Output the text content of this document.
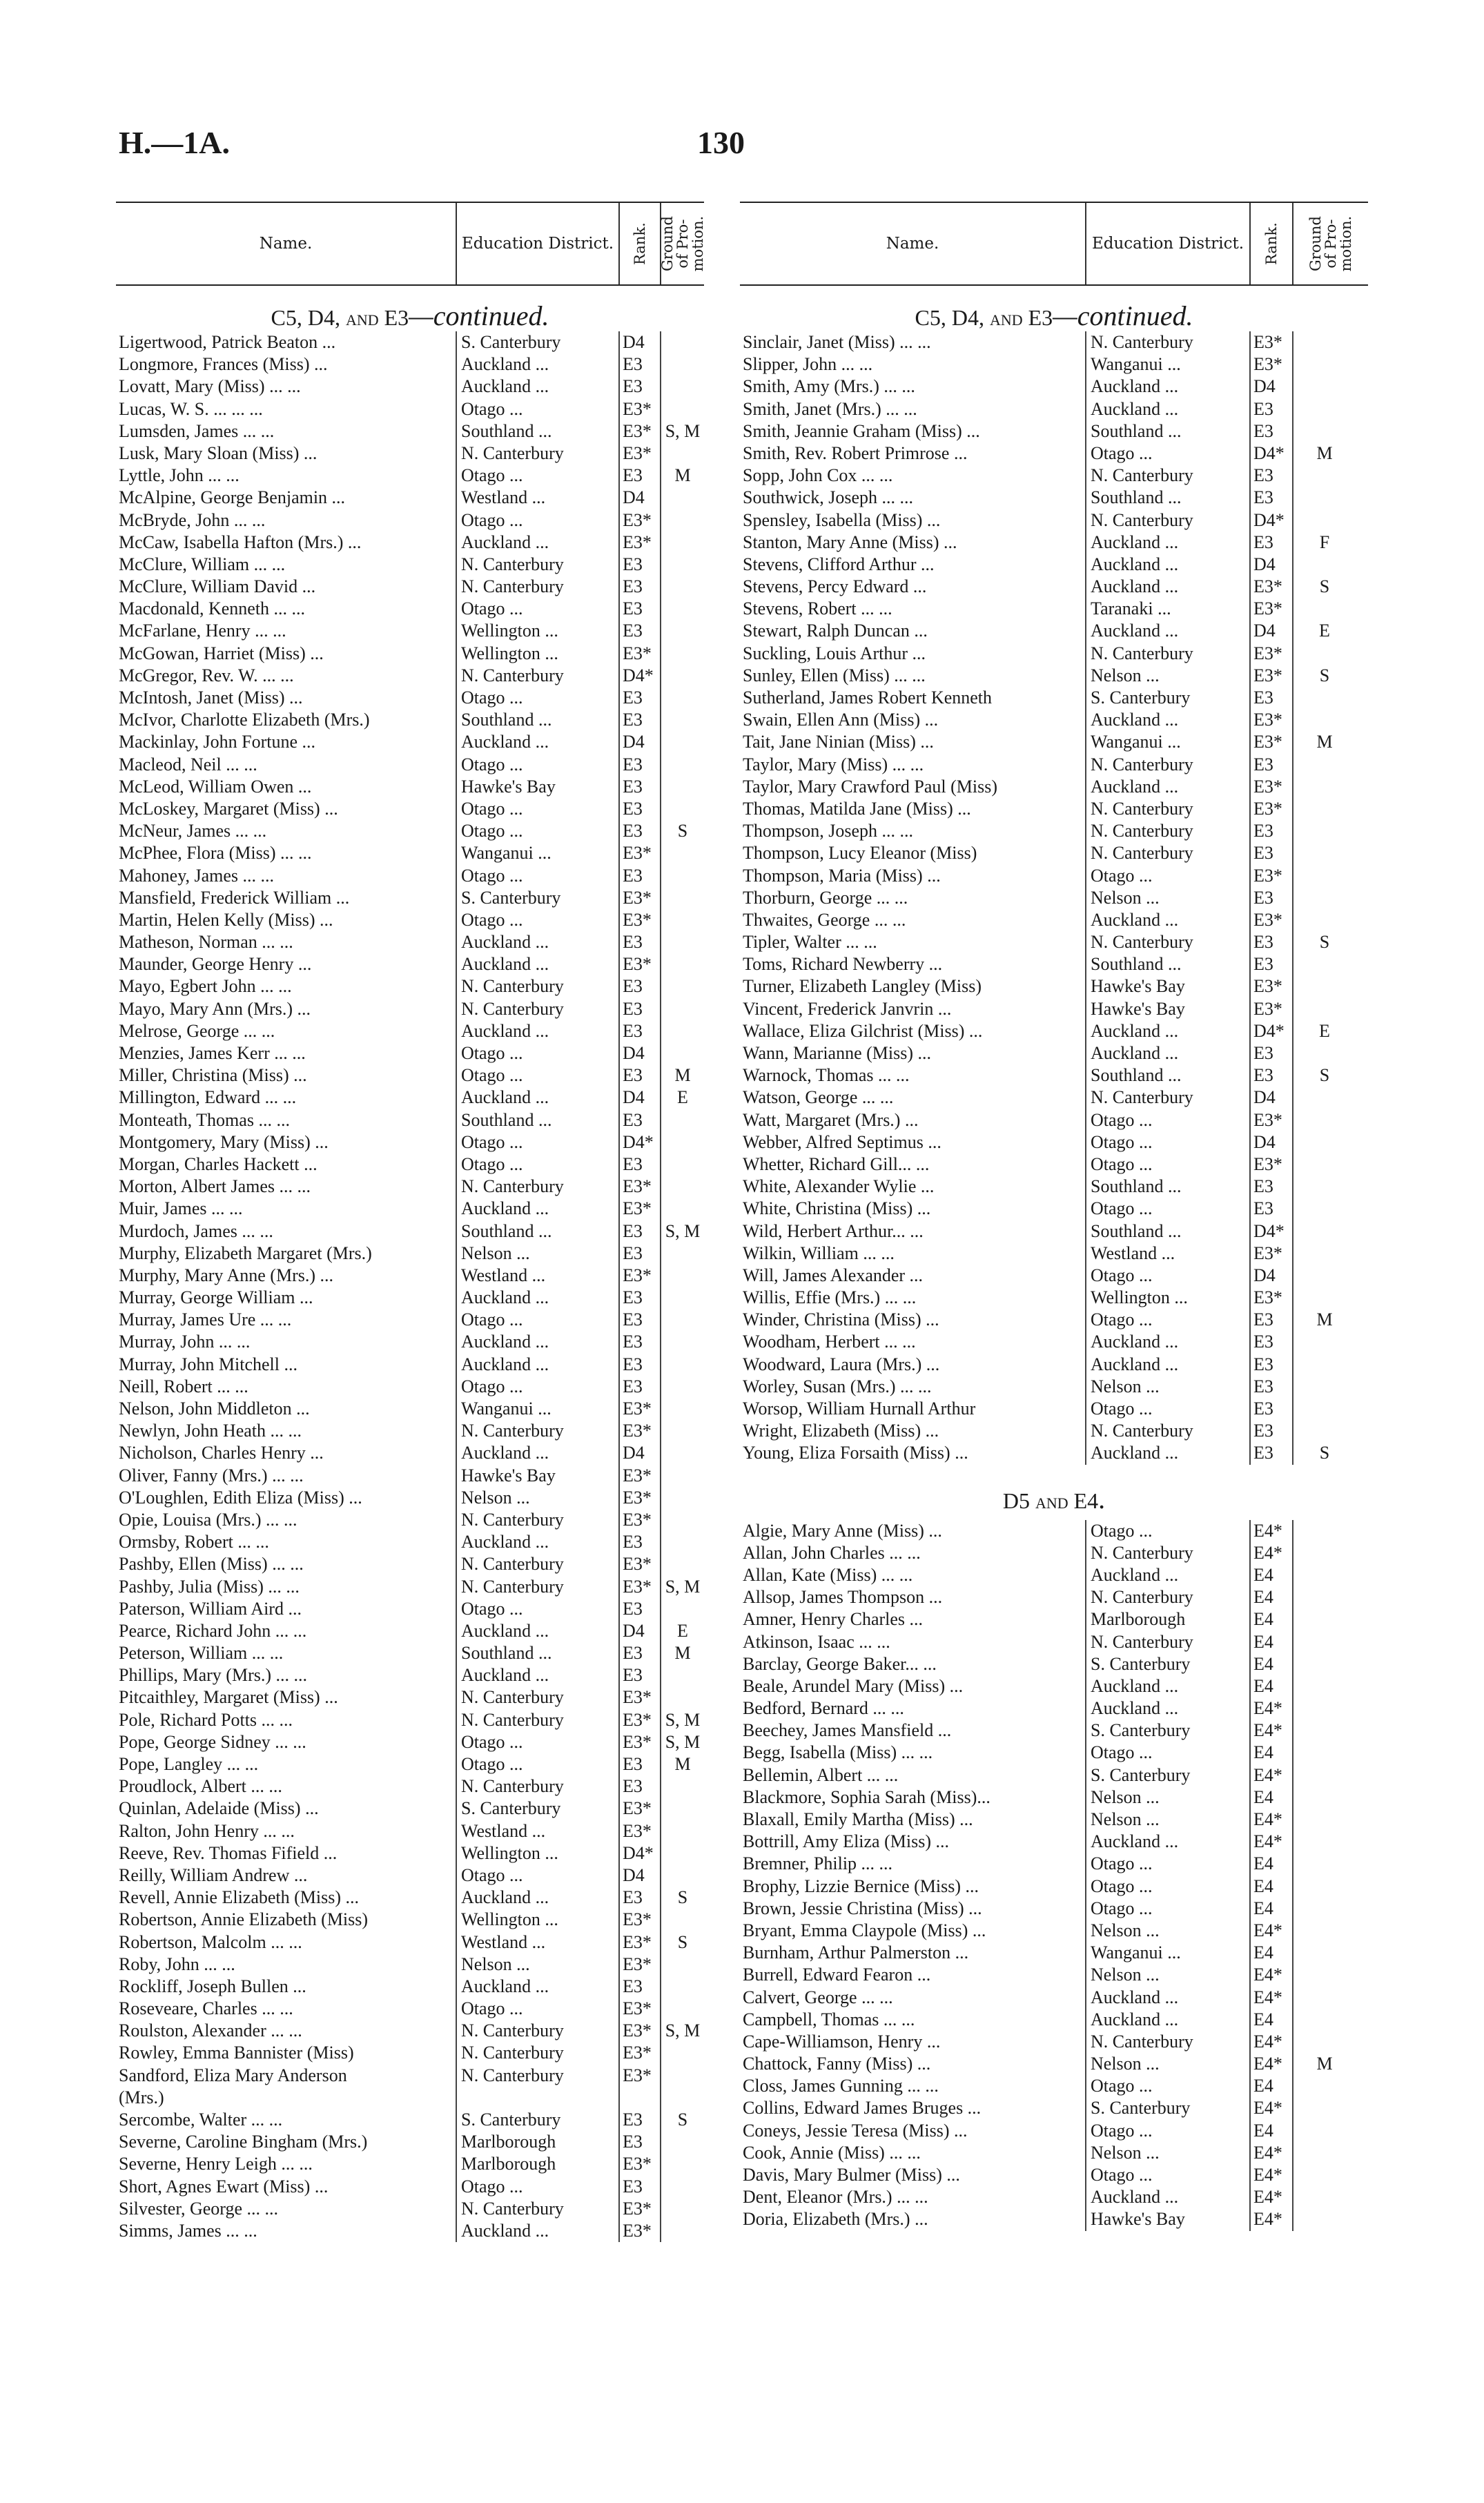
H.—1A.	130
Name.	Education District.	Rank. Ground of Pro- motion.
C5, D4, and E3—continued.
Ligertwood, Patrick Beaton ...	S. Canterbury	D4
Longmore, Frances (Miss) ...	Auckland ...	E3
Lovatt, Mary (Miss) ... ...	Auckland ...	E3
Lucas, W. S. ... ... ...	Otago ...	E3*
Lumsden, James ... ...	Southland ...	E3* S, M
Lusk, Mary Sloan (Miss) ...	N. Canterbury	E3*
Lyttle, John ... ...	Otago ...	E3	M
McAlpine, George Benjamin ...	Westland ...	D4
McBryde, John ... ...	Otago ...	E3*
McCaw, Isabella Hafton (Mrs.) ...	Auckland ...	E3*
McClure, William ... ...	N. Canterbury	E3
McClure, William David ...	N. Canterbury	E3
Macdonald, Kenneth ... ...	Otago ...	E3
McFarlane, Henry ... ...	Wellington ...	E3
McGowan, Harriet (Miss) ...	Wellington ...	E3*
McGregor, Rev. W. ... ...	N. Canterbury	D4*
McIntosh, Janet (Miss) ...	Otago ...	E3
McIvor, Charlotte Elizabeth (Mrs.)	Southland ...	E3
Mackinlay, John Fortune ...	Auckland ...	D4
Macleod, Neil ... ...	Otago ...	E3
McLeod, William Owen ...	Hawke's Bay	E3
McLoskey, Margaret (Miss) ...	Otago ...	E3
McNeur, James ... ...	Otago ...	E3	S
McPhee, Flora (Miss) ... ...	Wanganui ...	E3*
Mahoney, James ... ...	Otago ...	E3
Mansfield, Frederick William ...	S. Canterbury	E3*
Martin, Helen Kelly (Miss) ...	Otago ...	E3*
Matheson, Norman ... ...	Auckland ...	E3
Maunder, George Henry ...	Auckland ...	E3*
Mayo, Egbert John ... ...	N. Canterbury	E3
Mayo, Mary Ann (Mrs.) ...	N. Canterbury	E3
Melrose, George ... ...	Auckland ...	E3
Menzies, James Kerr ... ...	Otago ...	D4
Miller, Christina (Miss) ...	Otago ...	E3	M
Millington, Edward ... ...	Auckland ...	D4	E
Monteath, Thomas ... ...	Southland ...	E3
Montgomery, Mary (Miss) ...	Otago ...	D4*
Morgan, Charles Hackett ...	Otago ...	E3
Morton, Albert James ... ...	N. Canterbury	E3*
Muir, James ... ...	Auckland ...	E3*
Murdoch, James ... ...	Southland ...	E3	S, M
Murphy, Elizabeth Margaret (Mrs.)	Nelson ...	E3
Murphy, Mary Anne (Mrs.) ...	Westland ...	E3*
Murray, George William ...	Auckland ...	E3
Murray, James Ure ... ...	Otago ...	E3
Murray, John ... ...	Auckland ...	E3
Murray, John Mitchell ...	Auckland ...	E3
Neill, Robert ... ...	Otago ...	E3
Nelson, John Middleton ...	Wanganui ...	E3*
Newlyn, John Heath ... ...	N. Canterbury	E3*
Nicholson, Charles Henry ...	Auckland ...	D4
Oliver, Fanny (Mrs.) ... ...	Hawke's Bay	E3*
O'Loughlen, Edith Eliza (Miss) ...	Nelson ...	E3*
Opie, Louisa (Mrs.) ... ...	N. Canterbury	E3*
Ormsby, Robert ... ...	Auckland ...	E3
Pashby, Ellen (Miss) ... ...	N. Canterbury	E3*
Pashby, Julia (Miss) ... ...	N. Canterbury	E3* S, M
Paterson, William Aird ...	Otago ...	E3
Pearce, Richard John ... ...	Auckland ...	D4	E
Peterson, William ... ...	Southland ...	E3	M
Phillips, Mary (Mrs.) ... ...	Auckland ...	E3
Pitcaithley, Margaret (Miss) ...	N. Canterbury	E3*
Pole, Richard Potts ... ...	N. Canterbury	E3* S, M
Pope, George Sidney ... ...	Otago ...	E3* S, M
Pope, Langley ... ...	Otago ...	E3	M
Proudlock, Albert ... ...	N. Canterbury	E3
Quinlan, Adelaide (Miss) ...	S. Canterbury	E3*
Ralton, John Henry ... ...	Westland ...	E3*
Reeve, Rev. Thomas Fifield ...	Wellington ...	D4*
Reilly, William Andrew ...	Otago ...	D4
Revell, Annie Elizabeth (Miss) ...	Auckland ...	E3	S
Robertson, Annie Elizabeth (Miss)	Wellington ...	E3*
Robertson, Malcolm ... ...	Westland ...	E3*	S
Roby, John ... ...	Nelson ...	E3*
Rockliff, Joseph Bullen ...	Auckland ...	E3
Roseveare, Charles ... ...	Otago ...	E3*
Roulston, Alexander ... ...	N. Canterbury	E3* S, M
Rowley, Emma Bannister (Miss)	N. Canterbury	E3*
Sandford, Eliza Mary Anderson	N. Canterbury	E3*
(Mrs.)
Sercombe, Walter ... ...	S. Canterbury	E3	S
Severne, Caroline Bingham (Mrs.)	Marlborough	E3
Severne, Henry Leigh ... ...	Marlborough	E3*
Short, Agnes Ewart (Miss) ...	Otago ...	E3
Silvester, George ... ...	N. Canterbury	E3*
Simms, James ... ...	Auckland ...	E3*
Name.	Education District.	Rank. Ground of Pro- motion.
C5, D4, and E3—continued.
Sinclair, Janet (Miss) ... ...	N. Canterbury	E3*
Slipper, John ... ...	Wanganui ...	E3*
Smith, Amy (Mrs.) ... ...	Auckland ...	D4
Smith, Janet (Mrs.) ... ...	Auckland ...	E3
Smith, Jeannie Graham (Miss) ...	Southland ...	E3
Smith, Rev. Robert Primrose ...	Otago ...	D4*	M
Sopp, John Cox ... ...	N. Canterbury	E3
Southwick, Joseph ... ...	Southland ...	E3
Spensley, Isabella (Miss) ...	N. Canterbury	D4*
Stanton, Mary Anne (Miss) ...	Auckland ...	E3	F
Stevens, Clifford Arthur ...	Auckland ...	D4
Stevens, Percy Edward ...	Auckland ...	E3*	S
Stevens, Robert ... ...	Taranaki ...	E3*
Stewart, Ralph Duncan ...	Auckland ...	D4	E
Suckling, Louis Arthur ...	N. Canterbury	E3*
Sunley, Ellen (Miss) ... ...	Nelson ...	E3*	S
Sutherland, James Robert Kenneth	S. Canterbury	E3
Swain, Ellen Ann (Miss) ...	Auckland ...	E3*
Tait, Jane Ninian (Miss) ...	Wanganui ...	E3*	M
Taylor, Mary (Miss) ... ...	N. Canterbury	E3
Taylor, Mary Crawford Paul (Miss)	Auckland ...	E3*
Thomas, Matilda Jane (Miss) ...	N. Canterbury	E3*
Thompson, Joseph ... ...	N. Canterbury	E3
Thompson, Lucy Eleanor (Miss)	N. Canterbury	E3
Thompson, Maria (Miss) ...	Otago ...	E3*
Thorburn, George ... ...	Nelson ...	E3
Thwaites, George ... ...	Auckland ...	E3*
Tipler, Walter ... ...	N. Canterbury	E3	S
Toms, Richard Newberry ...	Southland ...	E3
Turner, Elizabeth Langley (Miss)	Hawke's Bay	E3*
Vincent, Frederick Janvrin ...	Hawke's Bay	E3*
Wallace, Eliza Gilchrist (Miss) ...	Auckland ...	D4*	E
Wann, Marianne (Miss) ...	Auckland ...	E3
Warnock, Thomas ... ...	Southland ...	E3	S
Watson, George ... ...	N. Canterbury	D4
Watt, Margaret (Mrs.) ...	Otago ...	E3*
Webber, Alfred Septimus ...	Otago ...	D4
Whetter, Richard Gill... ...	Otago ...	E3*
White, Alexander Wylie ...	Southland ...	E3
White, Christina (Miss) ...	Otago ...	E3
Wild, Herbert Arthur... ...	Southland ...	D4*
Wilkin, William ... ...	Westland ...	E3*
Will, James Alexander ...	Otago ...	D4
Willis, Effie (Mrs.) ... ...	Wellington ...	E3*
Winder, Christina (Miss) ...	Otago ...	E3	M
Woodham, Herbert ... ...	Auckland ...	E3
Woodward, Laura (Mrs.) ...	Auckland ...	E3
Worley, Susan (Mrs.) ... ...	Nelson ...	E3
Worsop, William Hurnall Arthur	Otago ...	E3
Wright, Elizabeth (Miss) ...	N. Canterbury	E3
Young, Eliza Forsaith (Miss) ...	Auckland ...	E3	S
D5 and E4.
Algie, Mary Anne (Miss) ...	Otago ...	E4*
Allan, John Charles ... ...	N. Canterbury	E4*
Allan, Kate (Miss) ... ...	Auckland ...	E4
Allsop, James Thompson ...	N. Canterbury	E4
Amner, Henry Charles ...	Marlborough	E4
Atkinson, Isaac ... ...	N. Canterbury	E4
Barclay, George Baker... ...	S. Canterbury	E4
Beale, Arundel Mary (Miss) ...	Auckland ...	E4
Bedford, Bernard ... ...	Auckland ...	E4*
Beechey, James Mansfield ...	S. Canterbury	E4*
Begg, Isabella (Miss) ... ...	Otago ...	E4
Bellemin, Albert ... ...	S. Canterbury	E4*
Blackmore, Sophia Sarah (Miss)...	Nelson ...	E4
Blaxall, Emily Martha (Miss) ...	Nelson ...	E4*
Bottrill, Amy Eliza (Miss) ...	Auckland ...	E4*
Bremner, Philip ... ...	Otago ...	E4
Brophy, Lizzie Bernice (Miss) ...	Otago ...	E4
Brown, Jessie Christina (Miss) ...	Otago ...	E4
Bryant, Emma Claypole (Miss) ...	Nelson ...	E4*
Burnham, Arthur Palmerston ...	Wanganui ...	E4
Burrell, Edward Fearon ...	Nelson ...	E4*
Calvert, George ... ...	Auckland ...	E4*
Campbell, Thomas ... ...	Auckland ...	E4
Cape-Williamson, Henry ...	N. Canterbury	E4*
Chattock, Fanny (Miss) ...	Nelson ...	E4*	M
Closs, James Gunning ... ...	Otago ...	E4
Collins, Edward James Bruges ...	S. Canterbury	E4*
Coneys, Jessie Teresa (Miss) ...	Otago ...	E4
Cook, Annie (Miss) ... ...	Nelson ...	E4*
Davis, Mary Bulmer (Miss) ...	Otago ...	E4*
Dent, Eleanor (Mrs.) ... ...	Auckland ...	E4*
Doria, Elizabeth (Mrs.) ...	Hawke's Bay	E4*
